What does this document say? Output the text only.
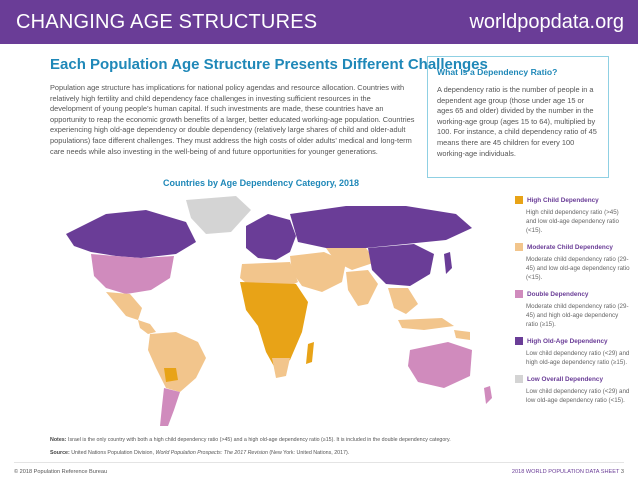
CHANGING AGE STRUCTURES	worldpopdata.org
Each Population Age Structure Presents Different Challenges
Population age structure has implications for national policy agendas and resource allocation. Countries with relatively high fertility and child dependency face challenges in investing sufficient resources in the development of young people’s human capital. If such investments are made, these countries have an opportunity to reap the economic growth benefits of a larger, better educated working-age population. Countries experiencing high old-age dependency or double dependency (relatively large shares of child and older-adult populations) face different challenges. They must address the high costs of older adults’ medical and long-term care needs while also investing in the well-being of and future opportunities for younger generations.
What Is a Dependency Ratio?
A dependency ratio is the number of people in a dependent age group (those under age 15 or ages 65 and older) divided by the number in the working-age group (ages 15 to 64), multiplied by 100. For instance, a child dependency ratio of 45 means there are 45 children for every 100 working-age individuals.
Countries by Age Dependency Category, 2018
High Child Dependency
High child dependency ratio (>45) and low old-age dependency ratio (<15).
Moderate Child Dependency
Moderate child dependency ratio (29-45) and low old-age dependency ratio (<15).
Double Dependency
Moderate child dependency ratio (29-45) and high old-age dependency ratio (≥15).
High Old-Age Dependency
Low child dependency ratio (<29) and high old-age dependency ratio (≥15).
Low Overall Dependency
Low child dependency ratio (<29) and low old-age dependency ratio (<15).
Notes: Israel is the only country with both a high child dependency ratio (>45) and a high old-age dependency ratio (≥15). It is included in the double dependency category.
Source: United Nations Population Division, World Population Prospects: The 2017 Revision (New York: United Nations, 2017).
© 2018 Population Reference Bureau	2018 WORLD POPULATION DATA SHEET 3
